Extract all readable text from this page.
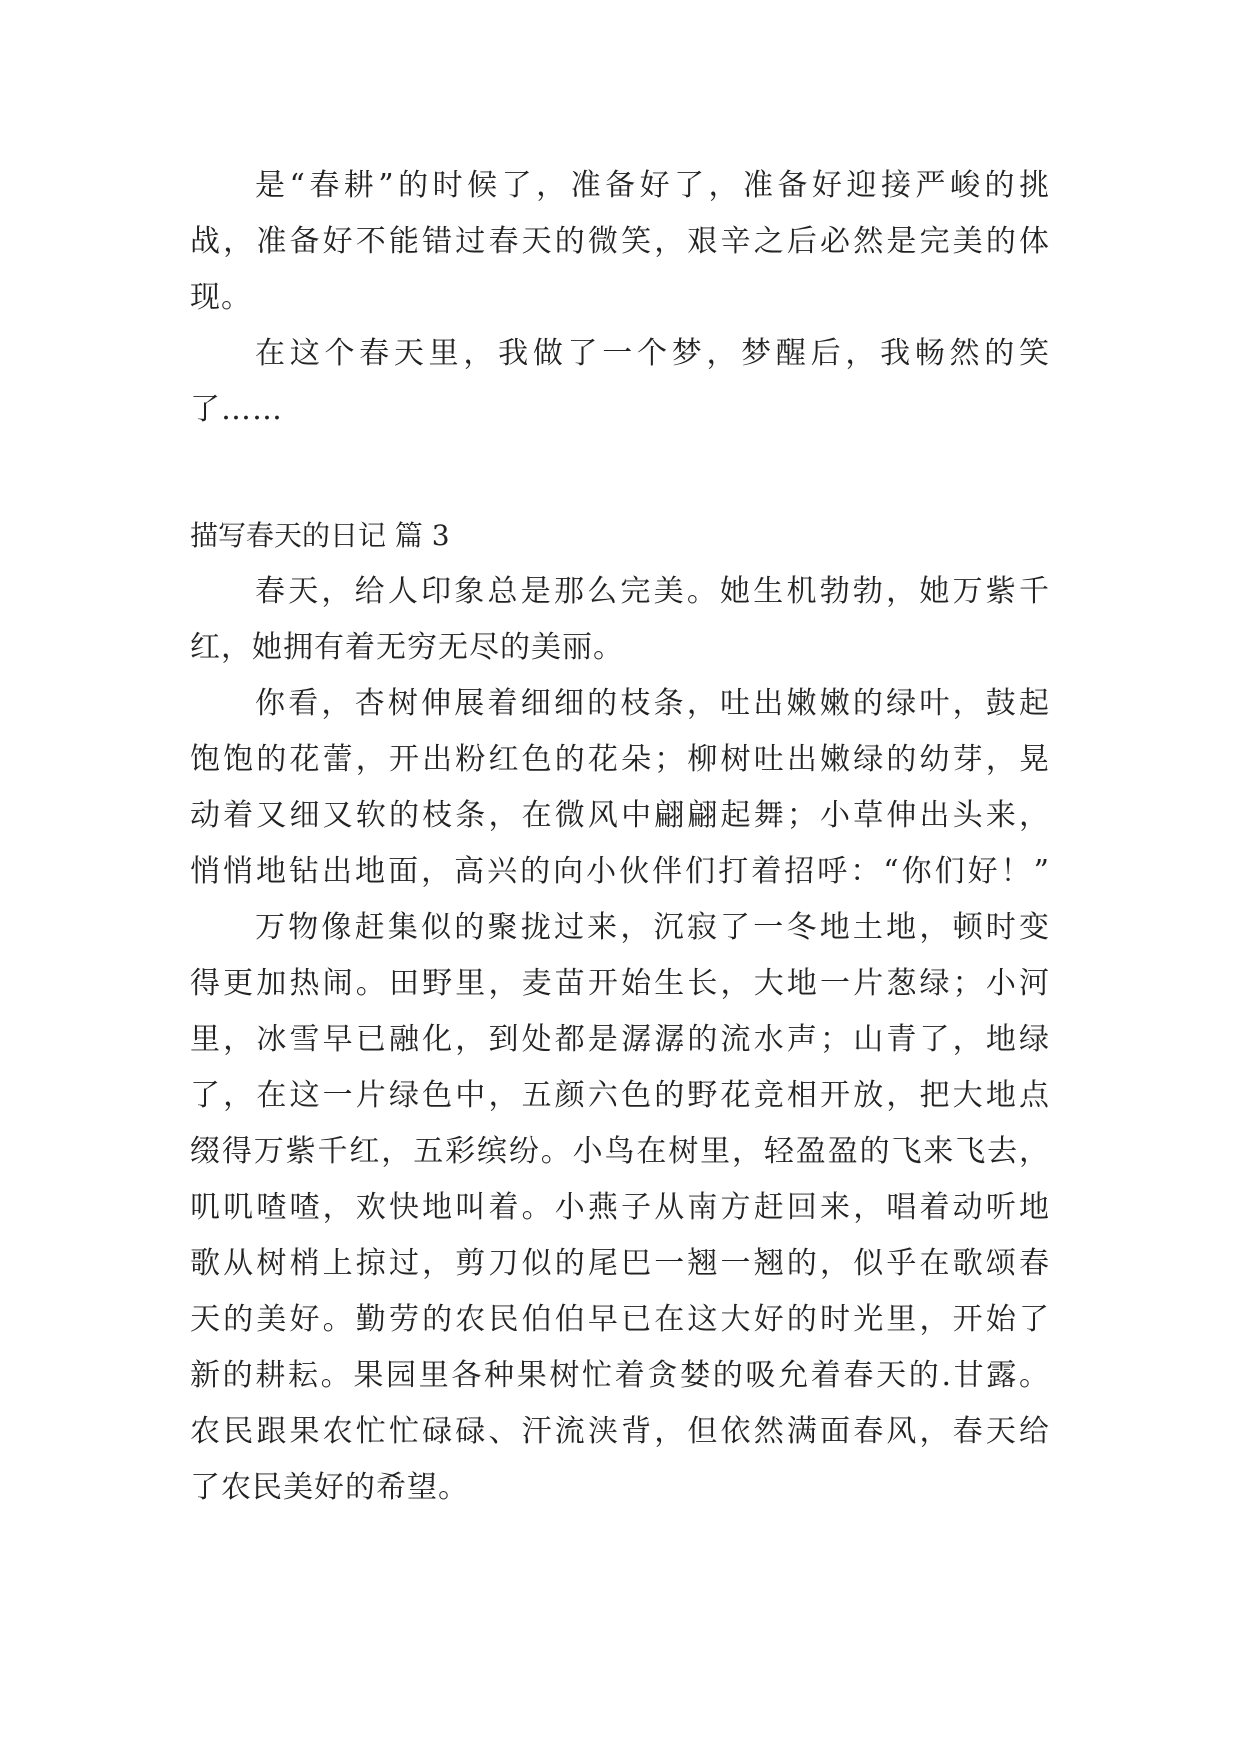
是“春耕”的时候了，准备好了，准备好迎接严峻的挑
战，准备好不能错过春天的微笑，艰辛之后必然是完美的体
现。
在这个春天里，我做了一个梦，梦醒后，我畅然的笑
了……
描写春天的日记 篇 3
春天，给人印象总是那么完美。她生机勃勃，她万紫千
红，她拥有着无穷无尽的美丽。
你看，杏树伸展着细细的枝条，吐出嫩嫩的绿叶，鼓起
饱饱的花蕾，开出粉红色的花朵；柳树吐出嫩绿的幼芽，晃
动着又细又软的枝条，在微风中翩翩起舞；小草伸出头来，
悄悄地钻出地面，高兴的向小伙伴们打着招呼：“你们好！”
万物像赶集似的聚拢过来，沉寂了一冬地土地，顿时变
得更加热闹。田野里，麦苗开始生长，大地一片葱绿；小河
里，冰雪早已融化，到处都是潺潺的流水声；山青了，地绿
了，在这一片绿色中，五颜六色的野花竞相开放，把大地点
缀得万紫千红，五彩缤纷。小鸟在树里，轻盈盈的飞来飞去，
叽叽喳喳，欢快地叫着。小燕子从南方赶回来，唱着动听地
歌从树梢上掠过，剪刀似的尾巴一翘一翘的，似乎在歌颂春
天的美好。勤劳的农民伯伯早已在这大好的时光里，开始了
新的耕耘。果园里各种果树忙着贪婪的吸允着春天的.甘露。
农民跟果农忙忙碌碌、汗流浃背，但依然满面春风，春天给
了农民美好的希望。
